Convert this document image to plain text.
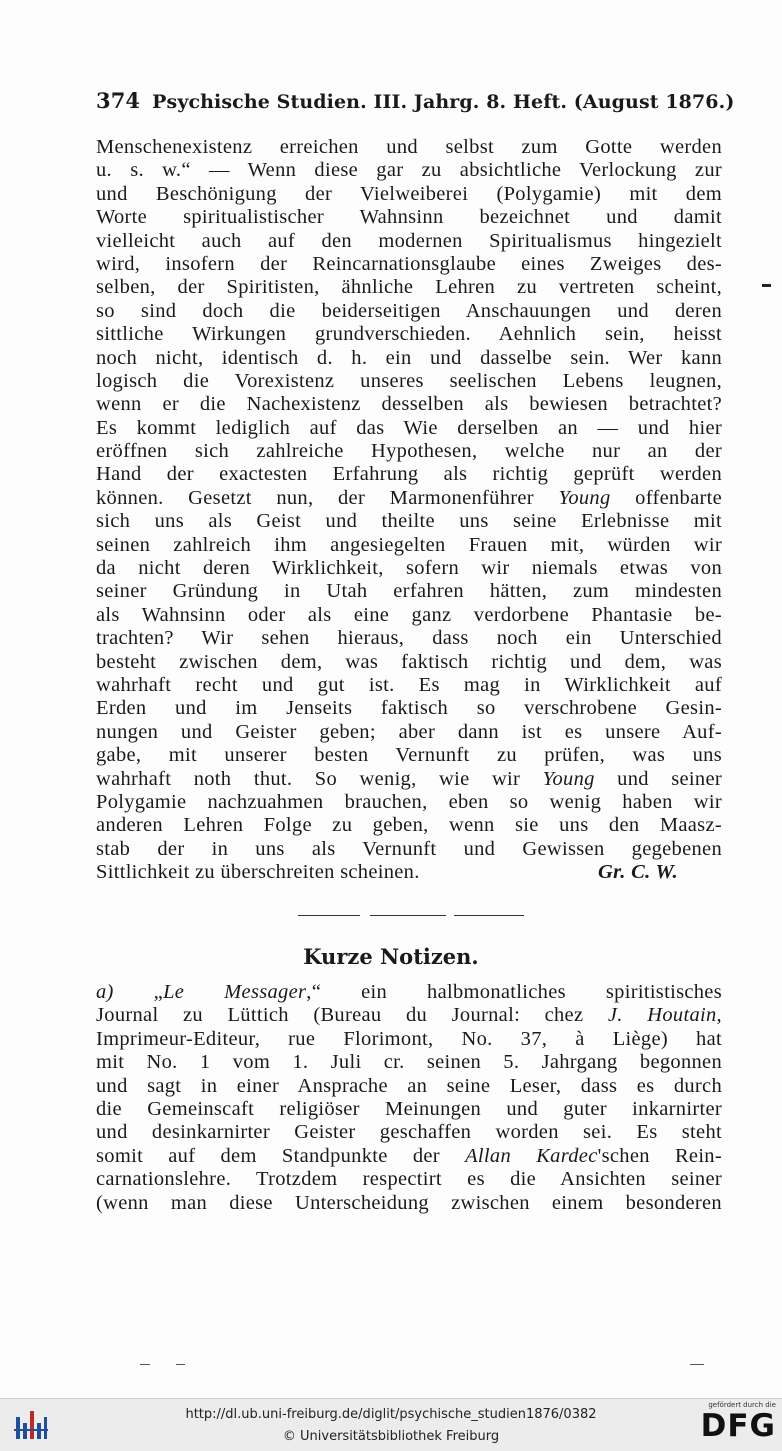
374 Psychische Studien. III. Jahrg. 8. Heft. (August 1876.)
Menschenexistenz erreichen und selbst zum Gotte werden
u. s. w.“ — Wenn diese gar zu absichtliche Verlockung zur
und Beschönigung der Vielweiberei (Polygamie) mit dem
Worte spiritualistischer Wahnsinn bezeichnet und damit
vielleicht auch auf den modernen Spiritualismus hingezielt
wird, insofern der Reincarnationsglaube eines Zweiges des-
selben, der Spiritisten, ähnliche Lehren zu vertreten scheint,
so sind doch die beiderseitigen Anschauungen und deren
sittliche Wirkungen grundverschieden. Aehnlich sein, heisst
noch nicht, identisch d. h. ein und dasselbe sein. Wer kann
logisch die Vorexistenz unseres seelischen Lebens leugnen,
wenn er die Nachexistenz desselben als bewiesen betrachtet?
Es kommt lediglich auf das Wie derselben an — und hier
eröffnen sich zahlreiche Hypothesen, welche nur an der
Hand der exactesten Erfahrung als richtig geprüft werden
können. Gesetzt nun, der Marmonenführer Young offenbarte
sich uns als Geist und theilte uns seine Erlebnisse mit
seinen zahlreich ihm angesiegelten Frauen mit, würden wir
da nicht deren Wirklichkeit, sofern wir niemals etwas von
seiner Gründung in Utah erfahren hätten, zum mindesten
als Wahnsinn oder als eine ganz verdorbene Phantasie be-
trachten? Wir sehen hieraus, dass noch ein Unterschied
besteht zwischen dem, was faktisch richtig und dem, was
wahrhaft recht und gut ist. Es mag in Wirklichkeit auf
Erden und im Jenseits faktisch so verschrobene Gesin-
nungen und Geister geben; aber dann ist es unsere Auf-
gabe, mit unserer besten Vernunft zu prüfen, was uns
wahrhaft noth thut. So wenig, wie wir Young und seiner
Polygamie nachzuahmen brauchen, eben so wenig haben wir
anderen Lehren Folge zu geben, wenn sie uns den Maasz-
stab der in uns als Vernunft und Gewissen gegebenen
Sittlichkeit zu überschreiten scheinen.	Gr. C. W.
Kurze Notizen.
a) „Le Messager,“ ein halbmonatliches spiritistisches
Journal zu Lüttich (Bureau du Journal: chez J. Houtain,
Imprimeur-Editeur, rue Florimont, No. 37, à Liège) hat
mit No. 1 vom 1. Juli cr. seinen 5. Jahrgang begonnen
und sagt in einer Ansprache an seine Leser, dass es durch
die Gemeinscaft religiöser Meinungen und guter inkarnirter
und desinkarnirter Geister geschaffen worden sei. Es steht
somit auf dem Standpunkte der Allan Kardec'schen Rein-
carnationslehre. Trotzdem respectirt es die Ansichten seiner
(wenn man diese Unterscheidung zwischen einem besonderen
http://dl.ub.uni-freiburg.de/diglit/psychische_studien1876/0382
© Universitätsbibliothek Freiburg
gefördert durch die
DFG
